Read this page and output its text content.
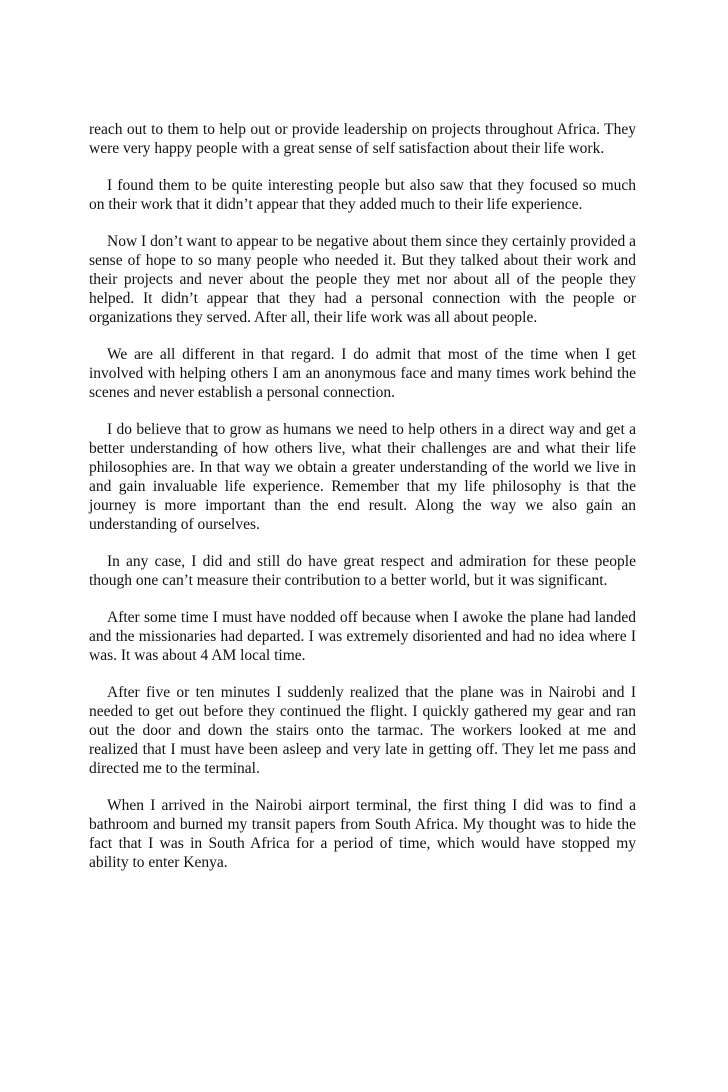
reach out to them to help out or provide leadership on projects throughout Africa. They were very happy people with a great sense of self satisfaction about their life work.

I found them to be quite interesting people but also saw that they focused so much on their work that it didn’t appear that they added much to their life experience.

Now I don’t want to appear to be negative about them since they certainly provided a sense of hope to so many people who needed it. But they talked about their work and their projects and never about the people they met nor about all of the people they helped. It didn’t appear that they had a personal connection with the people or organizations they served. After all, their life work was all about people.

We are all different in that regard. I do admit that most of the time when I get involved with helping others I am an anonymous face and many times work behind the scenes and never establish a personal connection.

I do believe that to grow as humans we need to help others in a direct way and get a better understanding of how others live, what their challenges are and what their life philosophies are. In that way we obtain a greater understanding of the world we live in and gain invaluable life experience. Remember that my life philosophy is that the journey is more important than the end result. Along the way we also gain an understanding of ourselves.

In any case, I did and still do have great respect and admiration for these people though one can’t measure their contribution to a better world, but it was significant.

After some time I must have nodded off because when I awoke the plane had landed and the missionaries had departed. I was extremely disoriented and had no idea where I was. It was about 4 AM local time.

After five or ten minutes I suddenly realized that the plane was in Nairobi and I needed to get out before they continued the flight. I quickly gathered my gear and ran out the door and down the stairs onto the tarmac. The workers looked at me and realized that I must have been asleep and very late in getting off. They let me pass and directed me to the terminal.

When I arrived in the Nairobi airport terminal, the first thing I did was to find a bathroom and burned my transit papers from South Africa. My thought was to hide the fact that I was in South Africa for a period of time, which would have stopped my ability to enter Kenya.
